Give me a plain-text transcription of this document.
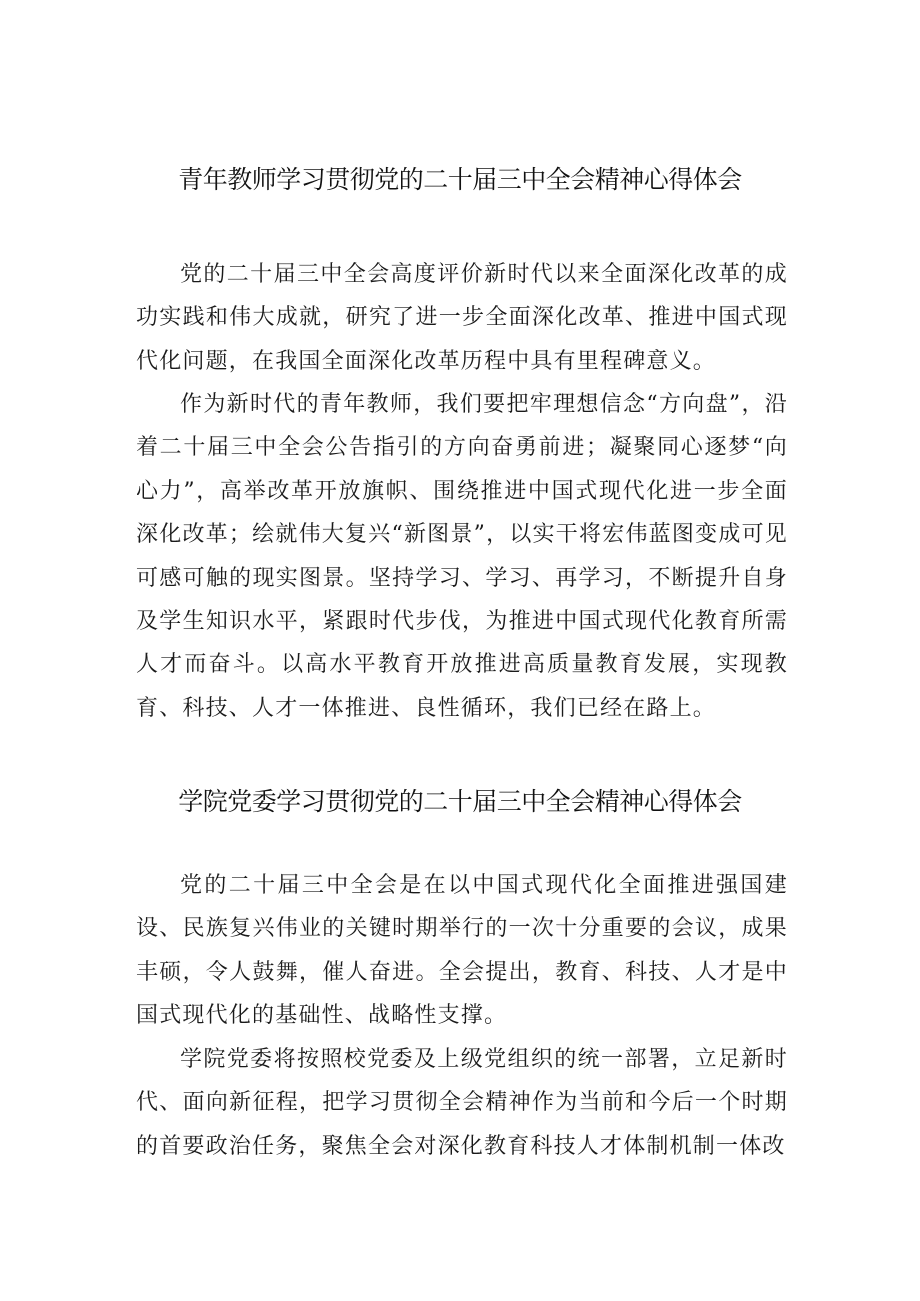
青年教师学习贯彻党的二十届三中全会精神心得体会

党的二十届三中全会高度评价新时代以来全面深化改革的成功实践和伟大成就，研究了进一步全面深化改革、推进中国式现代化问题，在我国全面深化改革历程中具有里程碑意义。

作为新时代的青年教师，我们要把牢理想信念“方向盘”，沿着二十届三中全会公告指引的方向奋勇前进；凝聚同心逐梦“向心力”，高举改革开放旗帜、围绕推进中国式现代化进一步全面深化改革；绘就伟大复兴“新图景”，以实干将宏伟蓝图变成可见可感可触的现实图景。坚持学习、学习、再学习，不断提升自身及学生知识水平，紧跟时代步伐，为推进中国式现代化教育所需人才而奋斗。以高水平教育开放推进高质量教育发展，实现教育、科技、人才一体推进、良性循环，我们已经在路上。

学院党委学习贯彻党的二十届三中全会精神心得体会

党的二十届三中全会是在以中国式现代化全面推进强国建设、民族复兴伟业的关键时期举行的一次十分重要的会议，成果丰硕，令人鼓舞，催人奋进。全会提出，教育、科技、人才是中国式现代化的基础性、战略性支撑。

学院党委将按照校党委及上级党组织的统一部署，立足新时代、面向新征程，把学习贯彻全会精神作为当前和今后一个时期的首要政治任务，聚焦全会对深化教育科技人才体制机制一体改
